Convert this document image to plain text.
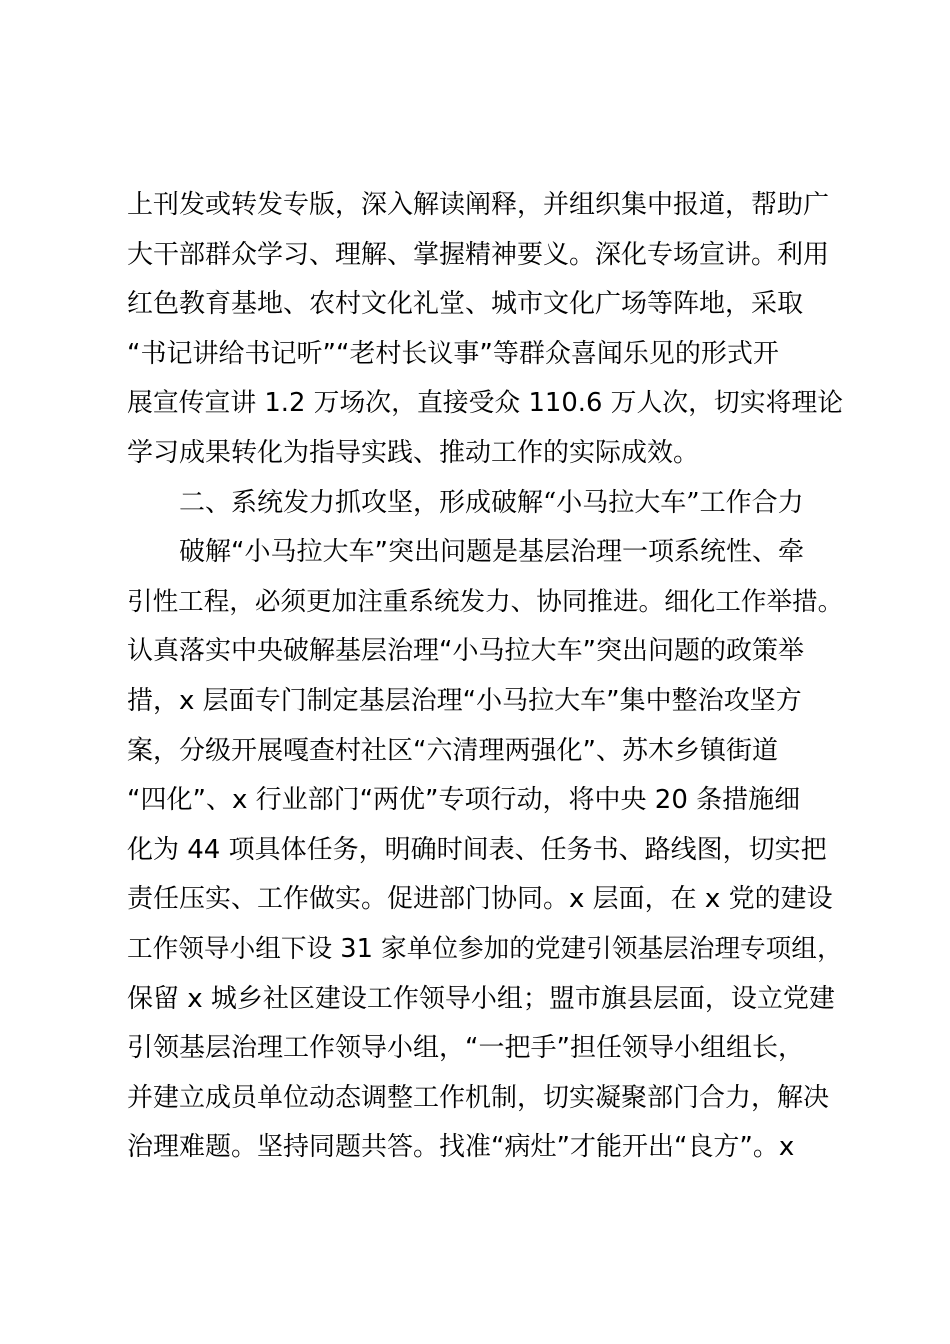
上刊发或转发专版，深入解读阐释，并组织集中报道，帮助广
大干部群众学习、理解、掌握精神要义。深化专场宣讲。利用
红色教育基地、农村文化礼堂、城市文化广场等阵地，采取
“书记讲给书记听”“老村长议事”等群众喜闻乐见的形式开
展宣传宣讲 1.2 万场次，直接受众 110.6 万人次，切实将理论
学习成果转化为指导实践、推动工作的实际成效。
二、系统发力抓攻坚，形成破解“小马拉大车”工作合力
破解“小马拉大车”突出问题是基层治理一项系统性、牵
引性工程，必须更加注重系统发力、协同推进。细化工作举措。
认真落实中央破解基层治理“小马拉大车”突出问题的政策举
措，x 层面专门制定基层治理“小马拉大车”集中整治攻坚方
案，分级开展嘎查村社区“六清理两强化”、苏木乡镇街道
“四化”、x 行业部门“两优”专项行动，将中央 20 条措施细
化为 44 项具体任务，明确时间表、任务书、路线图，切实把
责任压实、工作做实。促进部门协同。x 层面，在 x 党的建设
工作领导小组下设 31 家单位参加的党建引领基层治理专项组，
保留 x 城乡社区建设工作领导小组；盟市旗县层面，设立党建
引领基层治理工作领导小组，“一把手”担任领导小组组长，
并建立成员单位动态调整工作机制，切实凝聚部门合力，解决
治理难题。坚持同题共答。找准“病灶”才能开出“良方”。x
